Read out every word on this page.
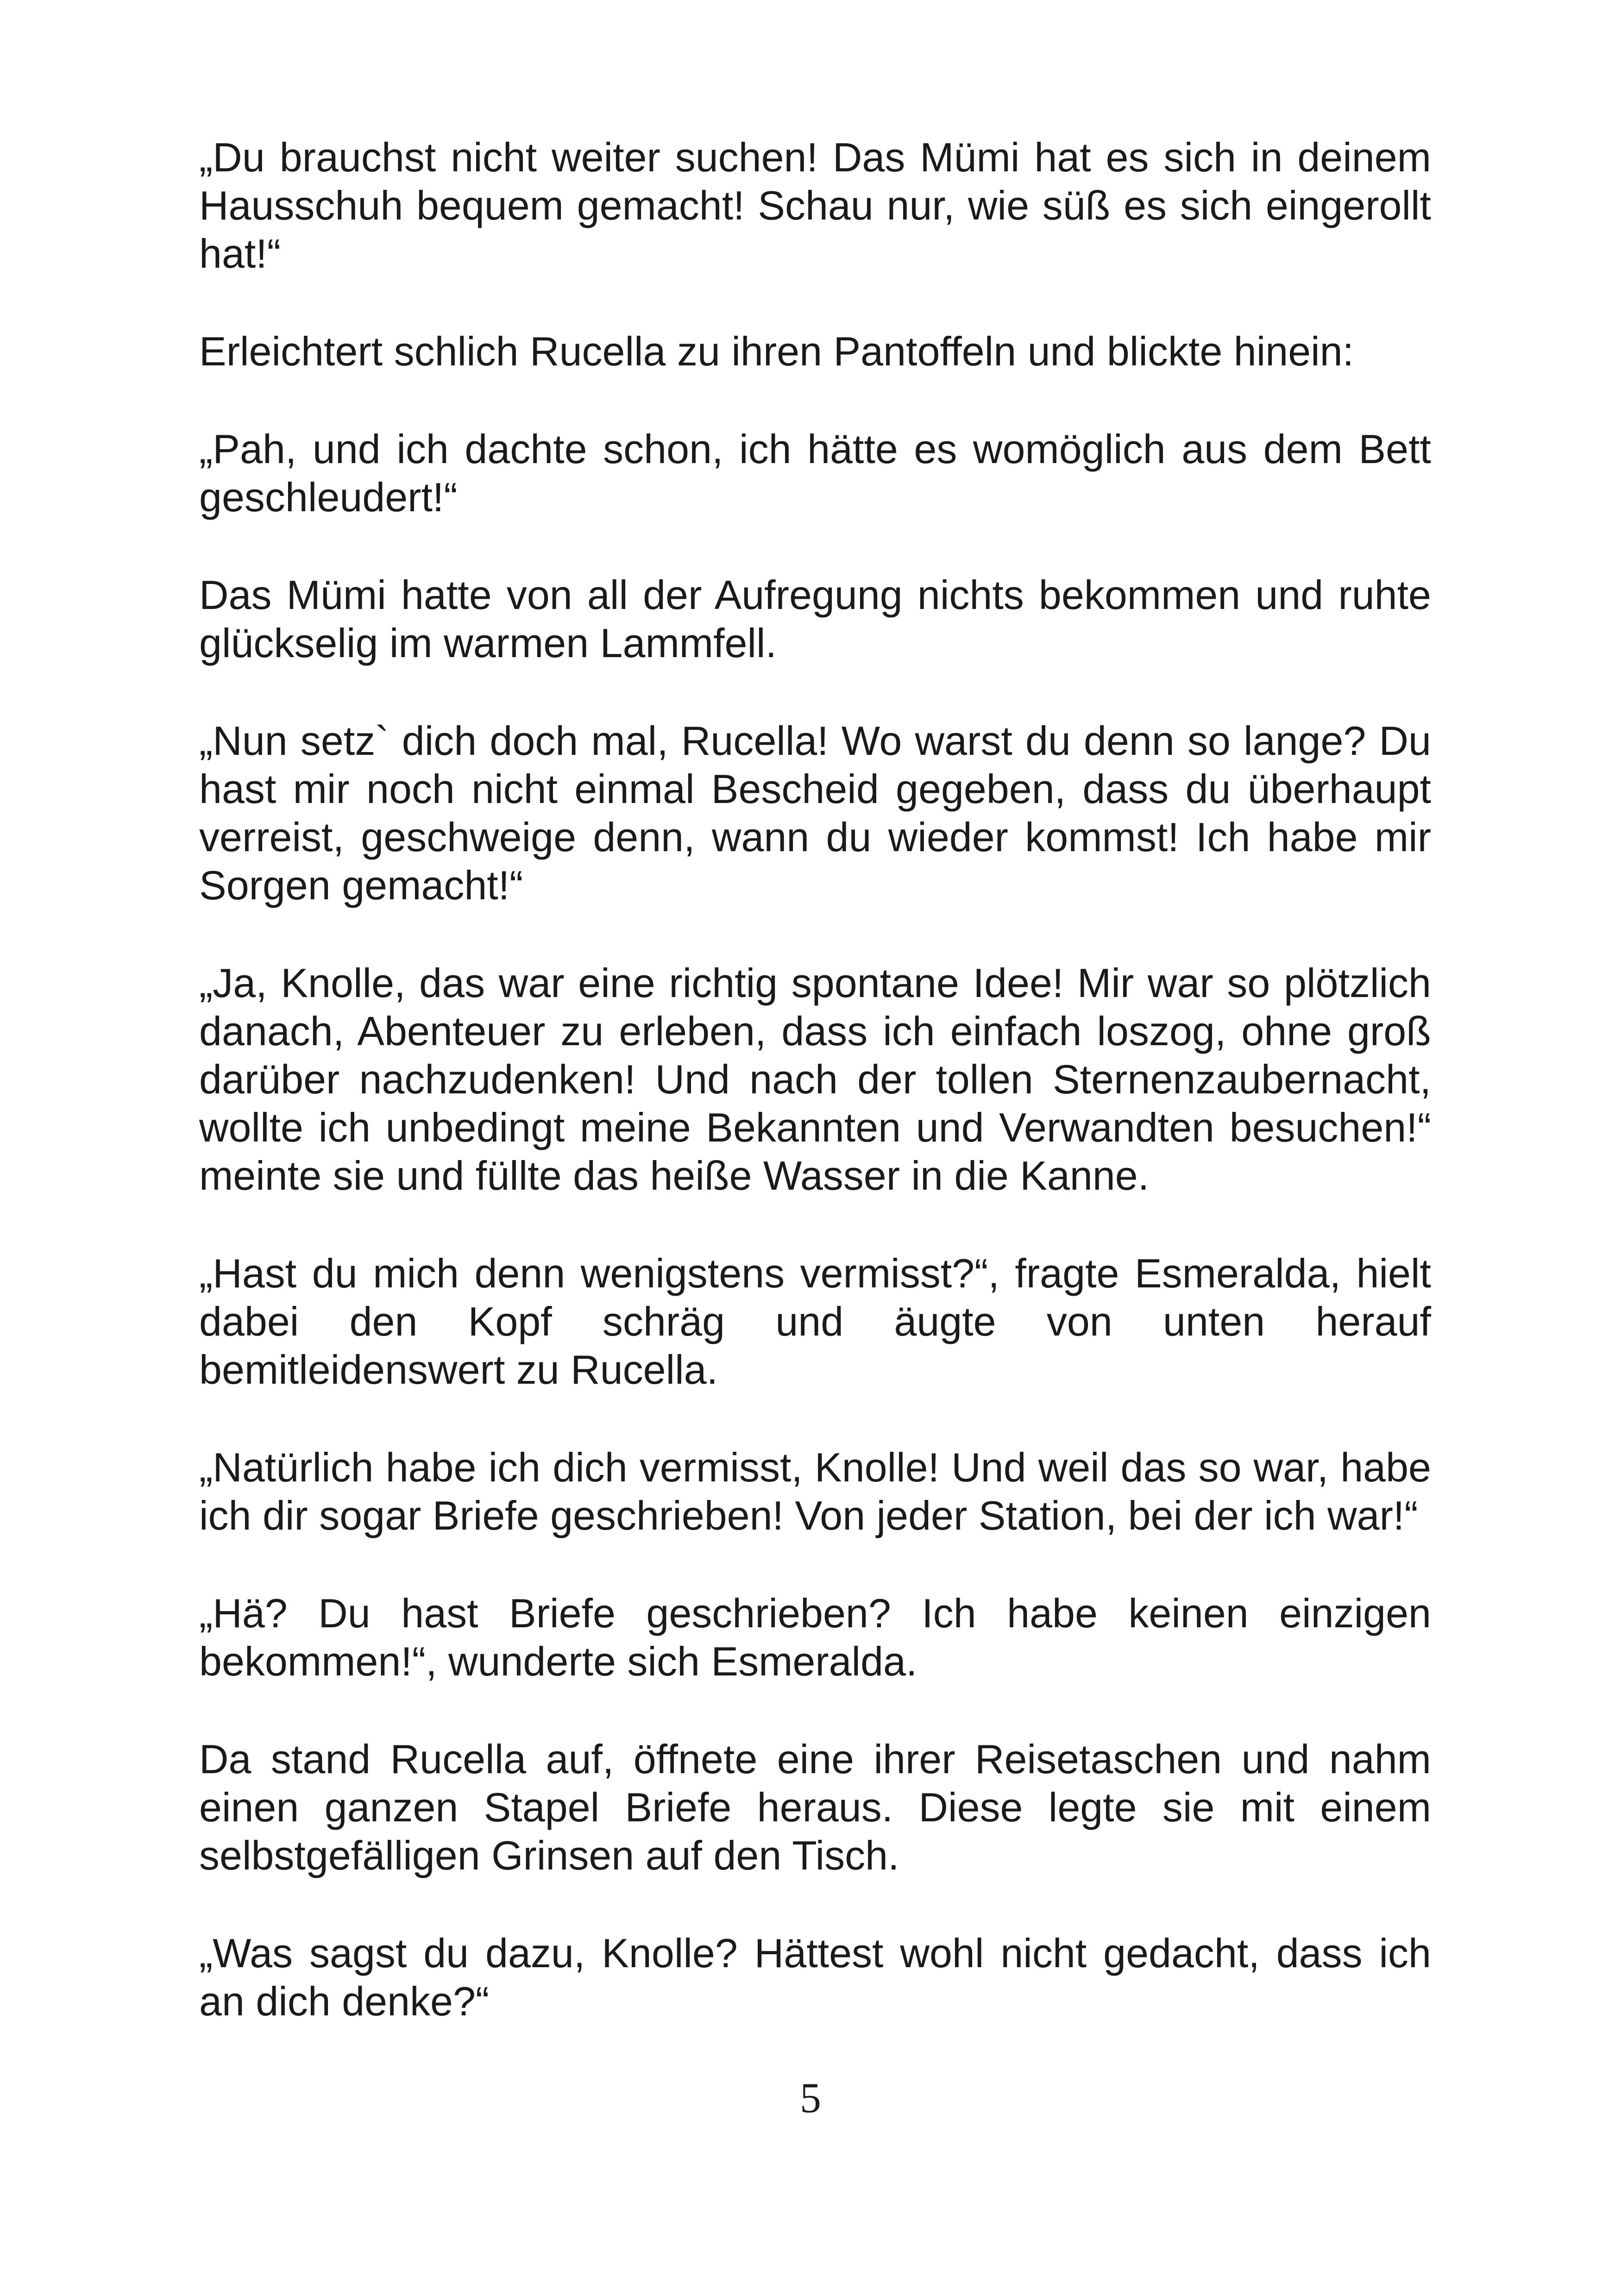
„Du brauchst nicht weiter suchen! Das Mümi hat es sich in deinem Hausschuh bequem gemacht! Schau nur, wie süß es sich eingerollt hat!“

Erleichtert schlich Rucella zu ihren Pantoffeln und blickte hinein:

„Pah, und ich dachte schon, ich hätte es womöglich aus dem Bett geschleudert!“

Das Mümi hatte von all der Aufregung nichts bekommen und ruhte glückselig im warmen Lammfell.

„Nun setz` dich doch mal, Rucella! Wo warst du denn so lange? Du hast mir noch nicht einmal Bescheid gegeben, dass du überhaupt verreist, geschweige denn, wann du wieder kommst! Ich habe mir Sorgen gemacht!“

„Ja, Knolle, das war eine richtig spontane Idee! Mir war so plötzlich danach, Abenteuer zu erleben, dass ich einfach loszog, ohne groß darüber nachzudenken! Und nach der tollen Sternenzaubernacht, wollte ich unbedingt meine Bekannten und Verwandten besuchen!“ meinte sie und füllte das heiße Wasser in die Kanne.

„Hast du mich denn wenigstens vermisst?“, fragte Esmeralda, hielt dabei den Kopf schräg und äugte von unten herauf bemitleidenswert zu Rucella.

„Natürlich habe ich dich vermisst, Knolle! Und weil das so war, habe ich dir sogar Briefe geschrieben! Von jeder Station, bei der ich war!“

„Hä? Du hast Briefe geschrieben? Ich habe keinen einzigen bekommen!“, wunderte sich Esmeralda.

Da stand Rucella auf, öffnete eine ihrer Reisetaschen und nahm einen ganzen Stapel Briefe heraus. Diese legte sie mit einem selbstgefälligen Grinsen auf den Tisch.

„Was sagst du dazu, Knolle? Hättest wohl nicht gedacht, dass ich an dich denke?“

5
